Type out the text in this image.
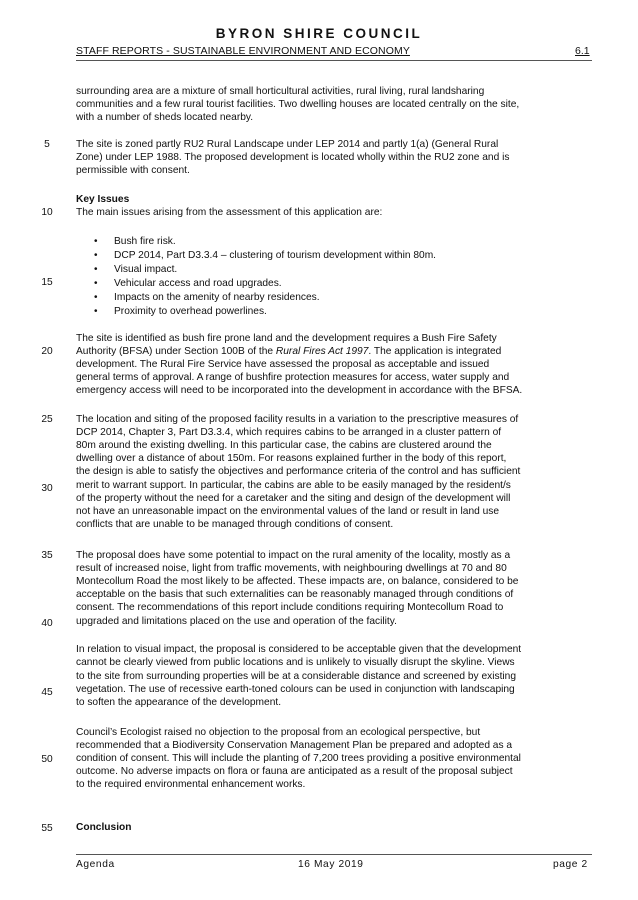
BYRON SHIRE COUNCIL
STAFF REPORTS - SUSTAINABLE ENVIRONMENT AND ECONOMY	6.1
5
10
15
20
25
30
35
40
45
50
55
surrounding area are a mixture of small horticultural activities, rural living, rural landsharing
communities and a few rural tourist facilities. Two dwelling houses are located centrally on the site,
with a number of sheds located nearby.
The site is zoned partly RU2 Rural Landscape under LEP 2014 and partly 1(a) (General Rural
Zone) under LEP 1988. The proposed development is located wholly within the RU2 zone and is
permissible with consent.
Key Issues
The main issues arising from the assessment of this application are:
• Bush fire risk.
• DCP 2014, Part D3.3.4 – clustering of tourism development within 80m.
• Visual impact.
• Vehicular access and road upgrades.
• Impacts on the amenity of nearby residences.
• Proximity to overhead powerlines.
The site is identified as bush fire prone land and the development requires a Bush Fire Safety
Authority (BFSA) under Section 100B of the Rural Fires Act 1997. The application is integrated
development. The Rural Fire Service have assessed the proposal as acceptable and issued
general terms of approval. A range of bushfire protection measures for access, water supply and
emergency access will need to be incorporated into the development in accordance with the BFSA.
The location and siting of the proposed facility results in a variation to the prescriptive measures of
DCP 2014, Chapter 3, Part D3.3.4, which requires cabins to be arranged in a cluster pattern of
80m around the existing dwelling. In this particular case, the cabins are clustered around the
dwelling over a distance of about 150m. For reasons explained further in the body of this report,
the design is able to satisfy the objectives and performance criteria of the control and has sufficient
merit to warrant support. In particular, the cabins are able to be easily managed by the resident/s
of the property without the need for a caretaker and the siting and design of the development will
not have an unreasonable impact on the environmental values of the land or result in land use
conflicts that are unable to be managed through conditions of consent.
The proposal does have some potential to impact on the rural amenity of the locality, mostly as a
result of increased noise, light from traffic movements, with neighbouring dwellings at 70 and 80
Montecollum Road the most likely to be affected. These impacts are, on balance, considered to be
acceptable on the basis that such externalities can be reasonably managed through conditions of
consent. The recommendations of this report include conditions requiring Montecollum Road to
upgraded and limitations placed on the use and operation of the facility.
In relation to visual impact, the proposal is considered to be acceptable given that the development
cannot be clearly viewed from public locations and is unlikely to visually disrupt the skyline. Views
to the site from surrounding properties will be at a considerable distance and screened by existing
vegetation. The use of recessive earth-toned colours can be used in conjunction with landscaping
to soften the appearance of the development.
Council’s Ecologist raised no objection to the proposal from an ecological perspective, but
recommended that a Biodiversity Conservation Management Plan be prepared and adopted as a
condition of consent. This will include the planting of 7,200 trees providing a positive environmental
outcome. No adverse impacts on flora or fauna are anticipated as a result of the proposal subject
to the required environmental enhancement works.
Conclusion
Agenda	16 May 2019	page 2
